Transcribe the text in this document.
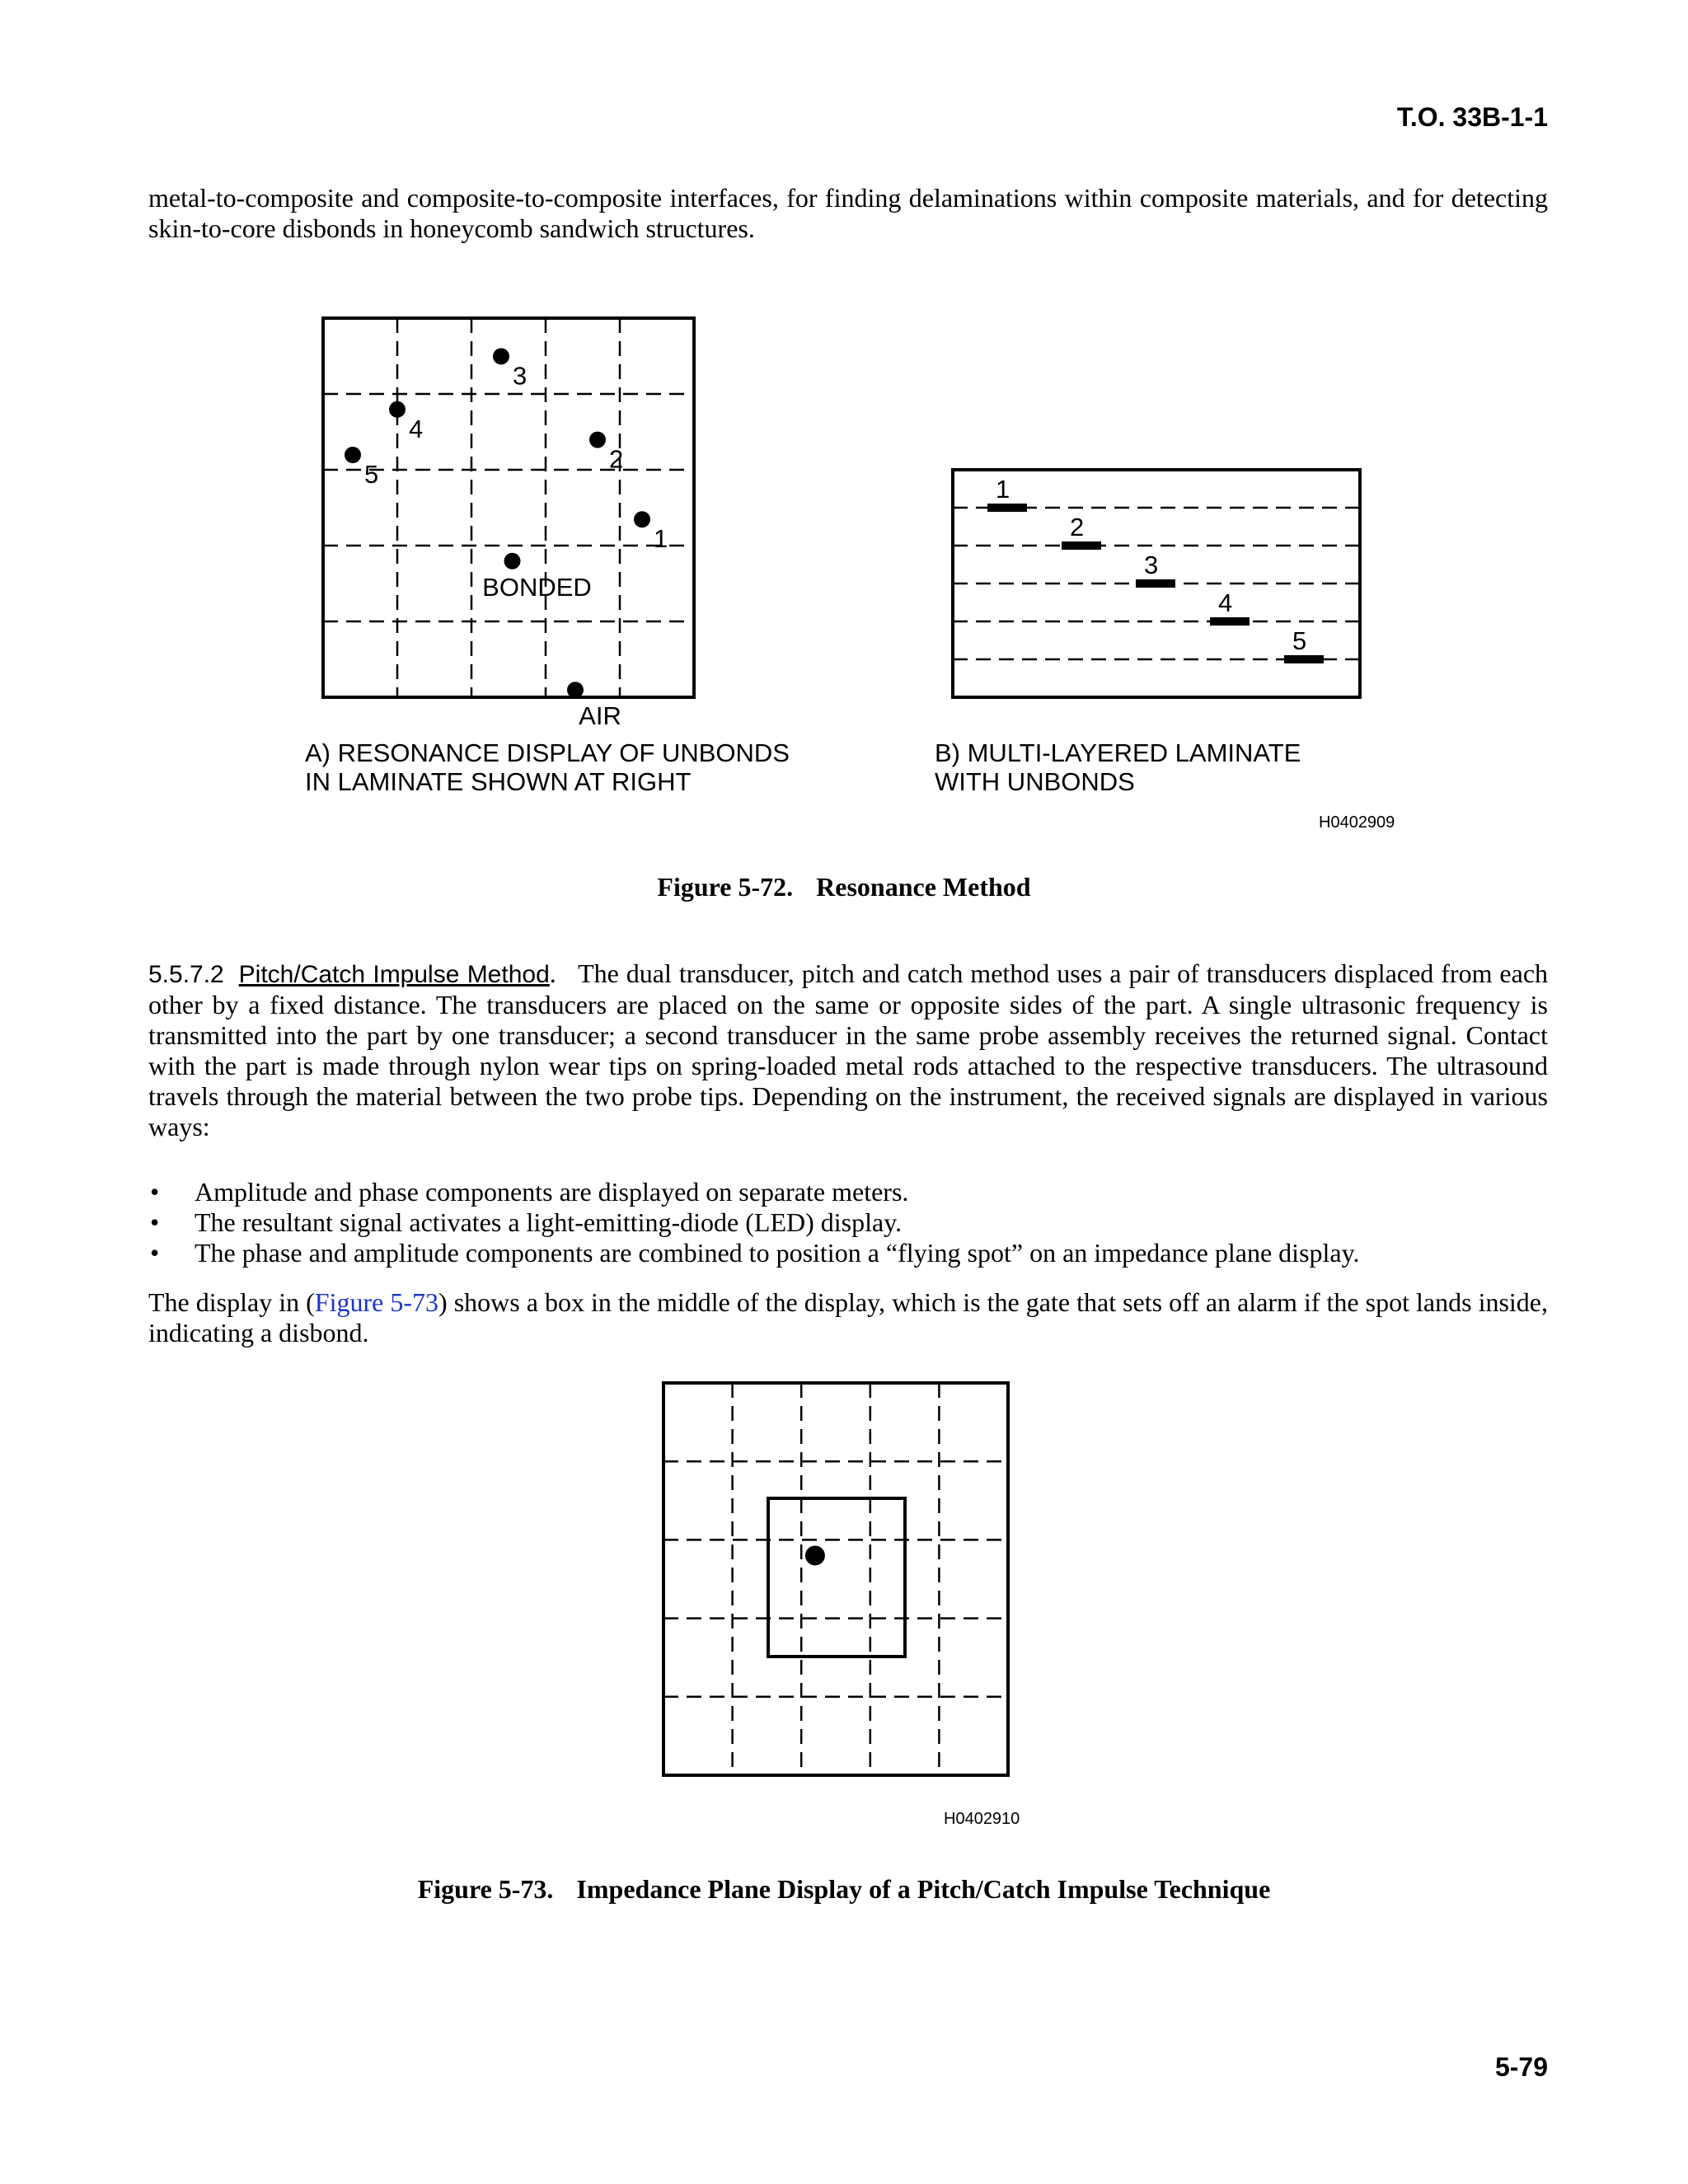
T.O. 33B-1-1

metal-to-composite and composite-to-composite interfaces, for finding delaminations within composite materials, and for detecting skin-to-core disbonds in honeycomb sandwich structures.

1
2
3
4
5
BONDED
AIR
1
2
3
4
5
A) RESONANCE DISPLAY OF UNBONDS
IN LAMINATE SHOWN AT RIGHT
B) MULTI-LAYERED LAMINATE
WITH UNBONDS
H0402909
Figure 5-72. Resonance Method

5.5.7.2 Pitch/Catch Impulse Method.   The dual transducer, pitch and catch method uses a pair of transducers displaced from each other by a fixed distance. The transducers are placed on the same or opposite sides of the part. A single ultrasonic frequency is transmitted into the part by one transducer; a second transducer in the same probe assembly receives the returned signal. Contact with the part is made through nylon wear tips on spring-loaded metal rods attached to the respective transducers. The ultrasound travels through the material between the two probe tips. Depending on the instrument, the received signals are displayed in various ways:

• Amplitude and phase components are displayed on separate meters.
• The resultant signal activates a light-emitting-diode (LED) display.
• The phase and amplitude components are combined to position a “flying spot” on an impedance plane display.

The display in (Figure 5-73) shows a box in the middle of the display, which is the gate that sets off an alarm if the spot lands inside, indicating a disbond.

H0402910
Figure 5-73. Impedance Plane Display of a Pitch/Catch Impulse Technique
5-79
